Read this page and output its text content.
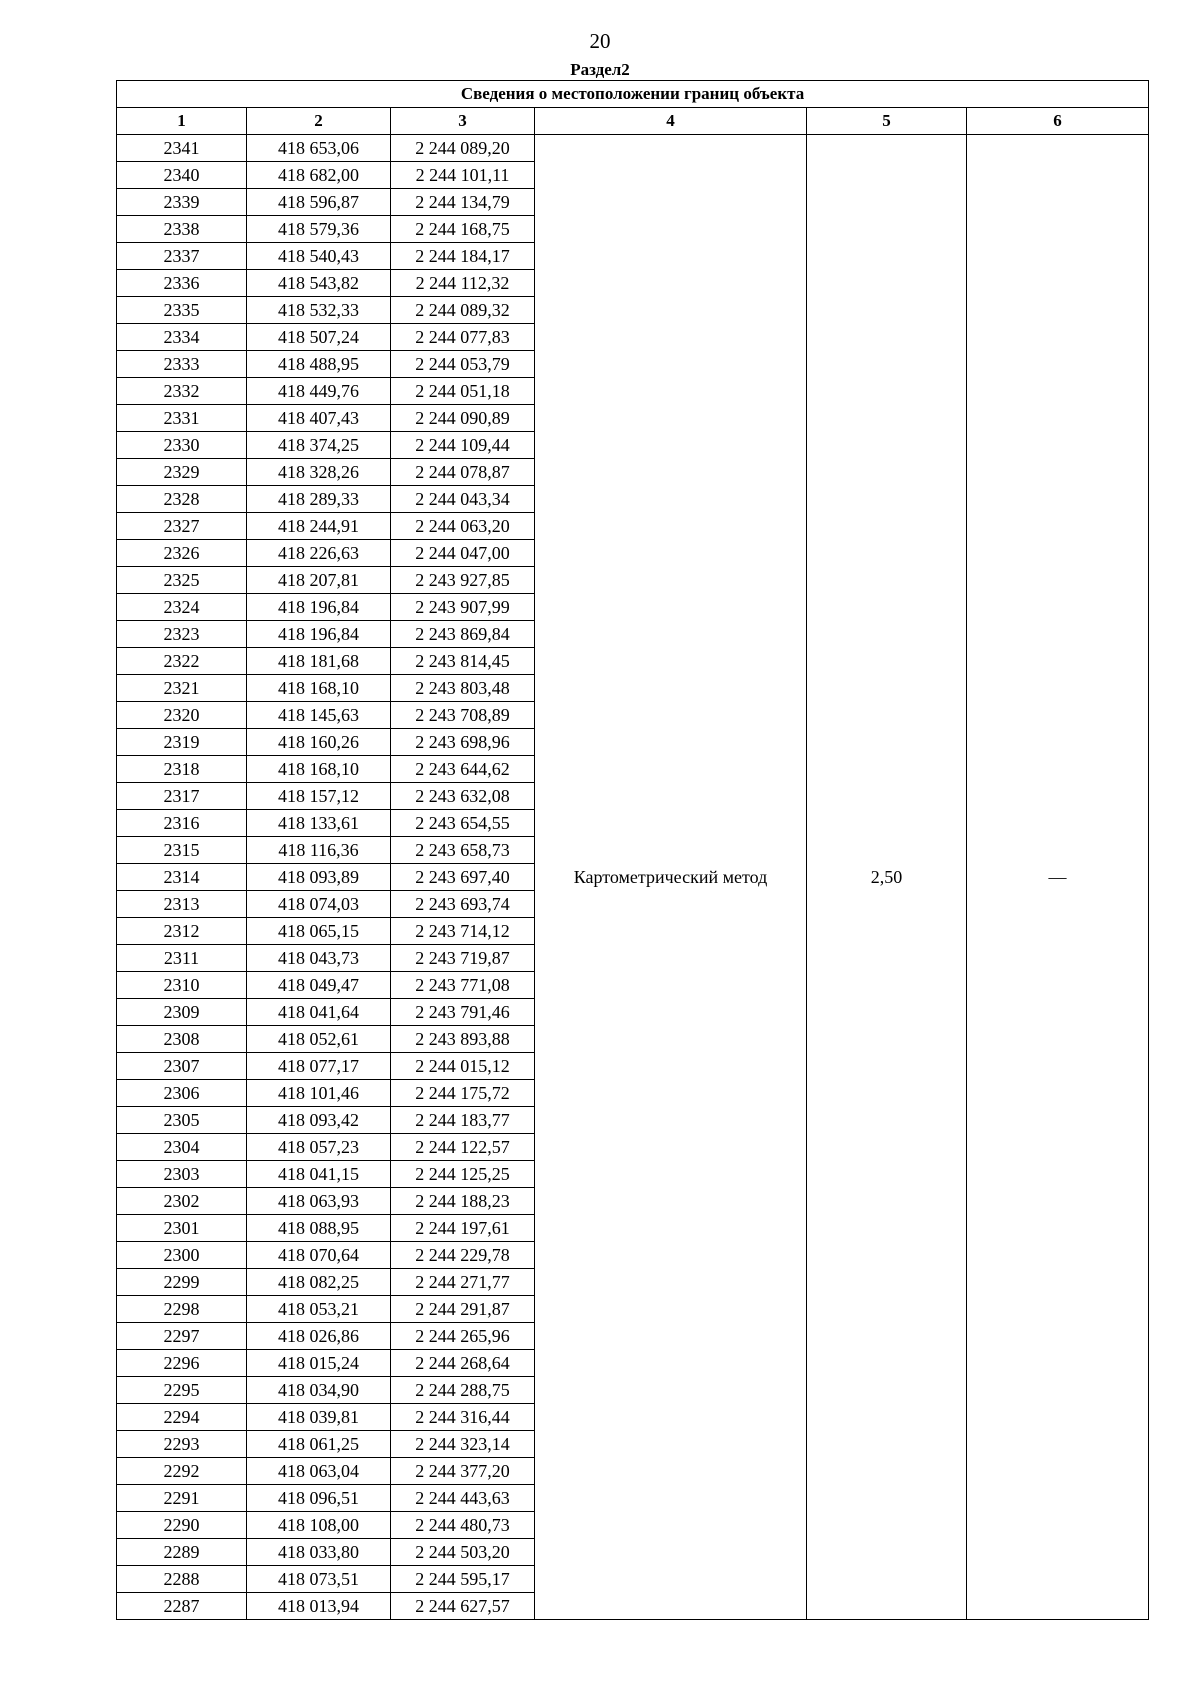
20
Раздел2
Сведения о местоположении границ объекта					
1	2	3	4	5	6
2341	418 653,06	2 244 089,20	Картометрический метод	2,50	—
2340	418 682,00	2 244 101,11			
2339	418 596,87	2 244 134,79			
2338	418 579,36	2 244 168,75			
2337	418 540,43	2 244 184,17			
2336	418 543,82	2 244 112,32			
2335	418 532,33	2 244 089,32			
2334	418 507,24	2 244 077,83			
2333	418 488,95	2 244 053,79			
2332	418 449,76	2 244 051,18			
2331	418 407,43	2 244 090,89			
2330	418 374,25	2 244 109,44			
2329	418 328,26	2 244 078,87			
2328	418 289,33	2 244 043,34			
2327	418 244,91	2 244 063,20			
2326	418 226,63	2 244 047,00			
2325	418 207,81	2 243 927,85			
2324	418 196,84	2 243 907,99			
2323	418 196,84	2 243 869,84			
2322	418 181,68	2 243 814,45			
2321	418 168,10	2 243 803,48			
2320	418 145,63	2 243 708,89			
2319	418 160,26	2 243 698,96			
2318	418 168,10	2 243 644,62			
2317	418 157,12	2 243 632,08			
2316	418 133,61	2 243 654,55			
2315	418 116,36	2 243 658,73			
2314	418 093,89	2 243 697,40			
2313	418 074,03	2 243 693,74			
2312	418 065,15	2 243 714,12			
2311	418 043,73	2 243 719,87			
2310	418 049,47	2 243 771,08			
2309	418 041,64	2 243 791,46			
2308	418 052,61	2 243 893,88			
2307	418 077,17	2 244 015,12			
2306	418 101,46	2 244 175,72			
2305	418 093,42	2 244 183,77			
2304	418 057,23	2 244 122,57			
2303	418 041,15	2 244 125,25			
2302	418 063,93	2 244 188,23			
2301	418 088,95	2 244 197,61			
2300	418 070,64	2 244 229,78			
2299	418 082,25	2 244 271,77			
2298	418 053,21	2 244 291,87			
2297	418 026,86	2 244 265,96			
2296	418 015,24	2 244 268,64			
2295	418 034,90	2 244 288,75			
2294	418 039,81	2 244 316,44			
2293	418 061,25	2 244 323,14			
2292	418 063,04	2 244 377,20			
2291	418 096,51	2 244 443,63			
2290	418 108,00	2 244 480,73			
2289	418 033,80	2 244 503,20			
2288	418 073,51	2 244 595,17			
2287	418 013,94	2 244 627,57			
